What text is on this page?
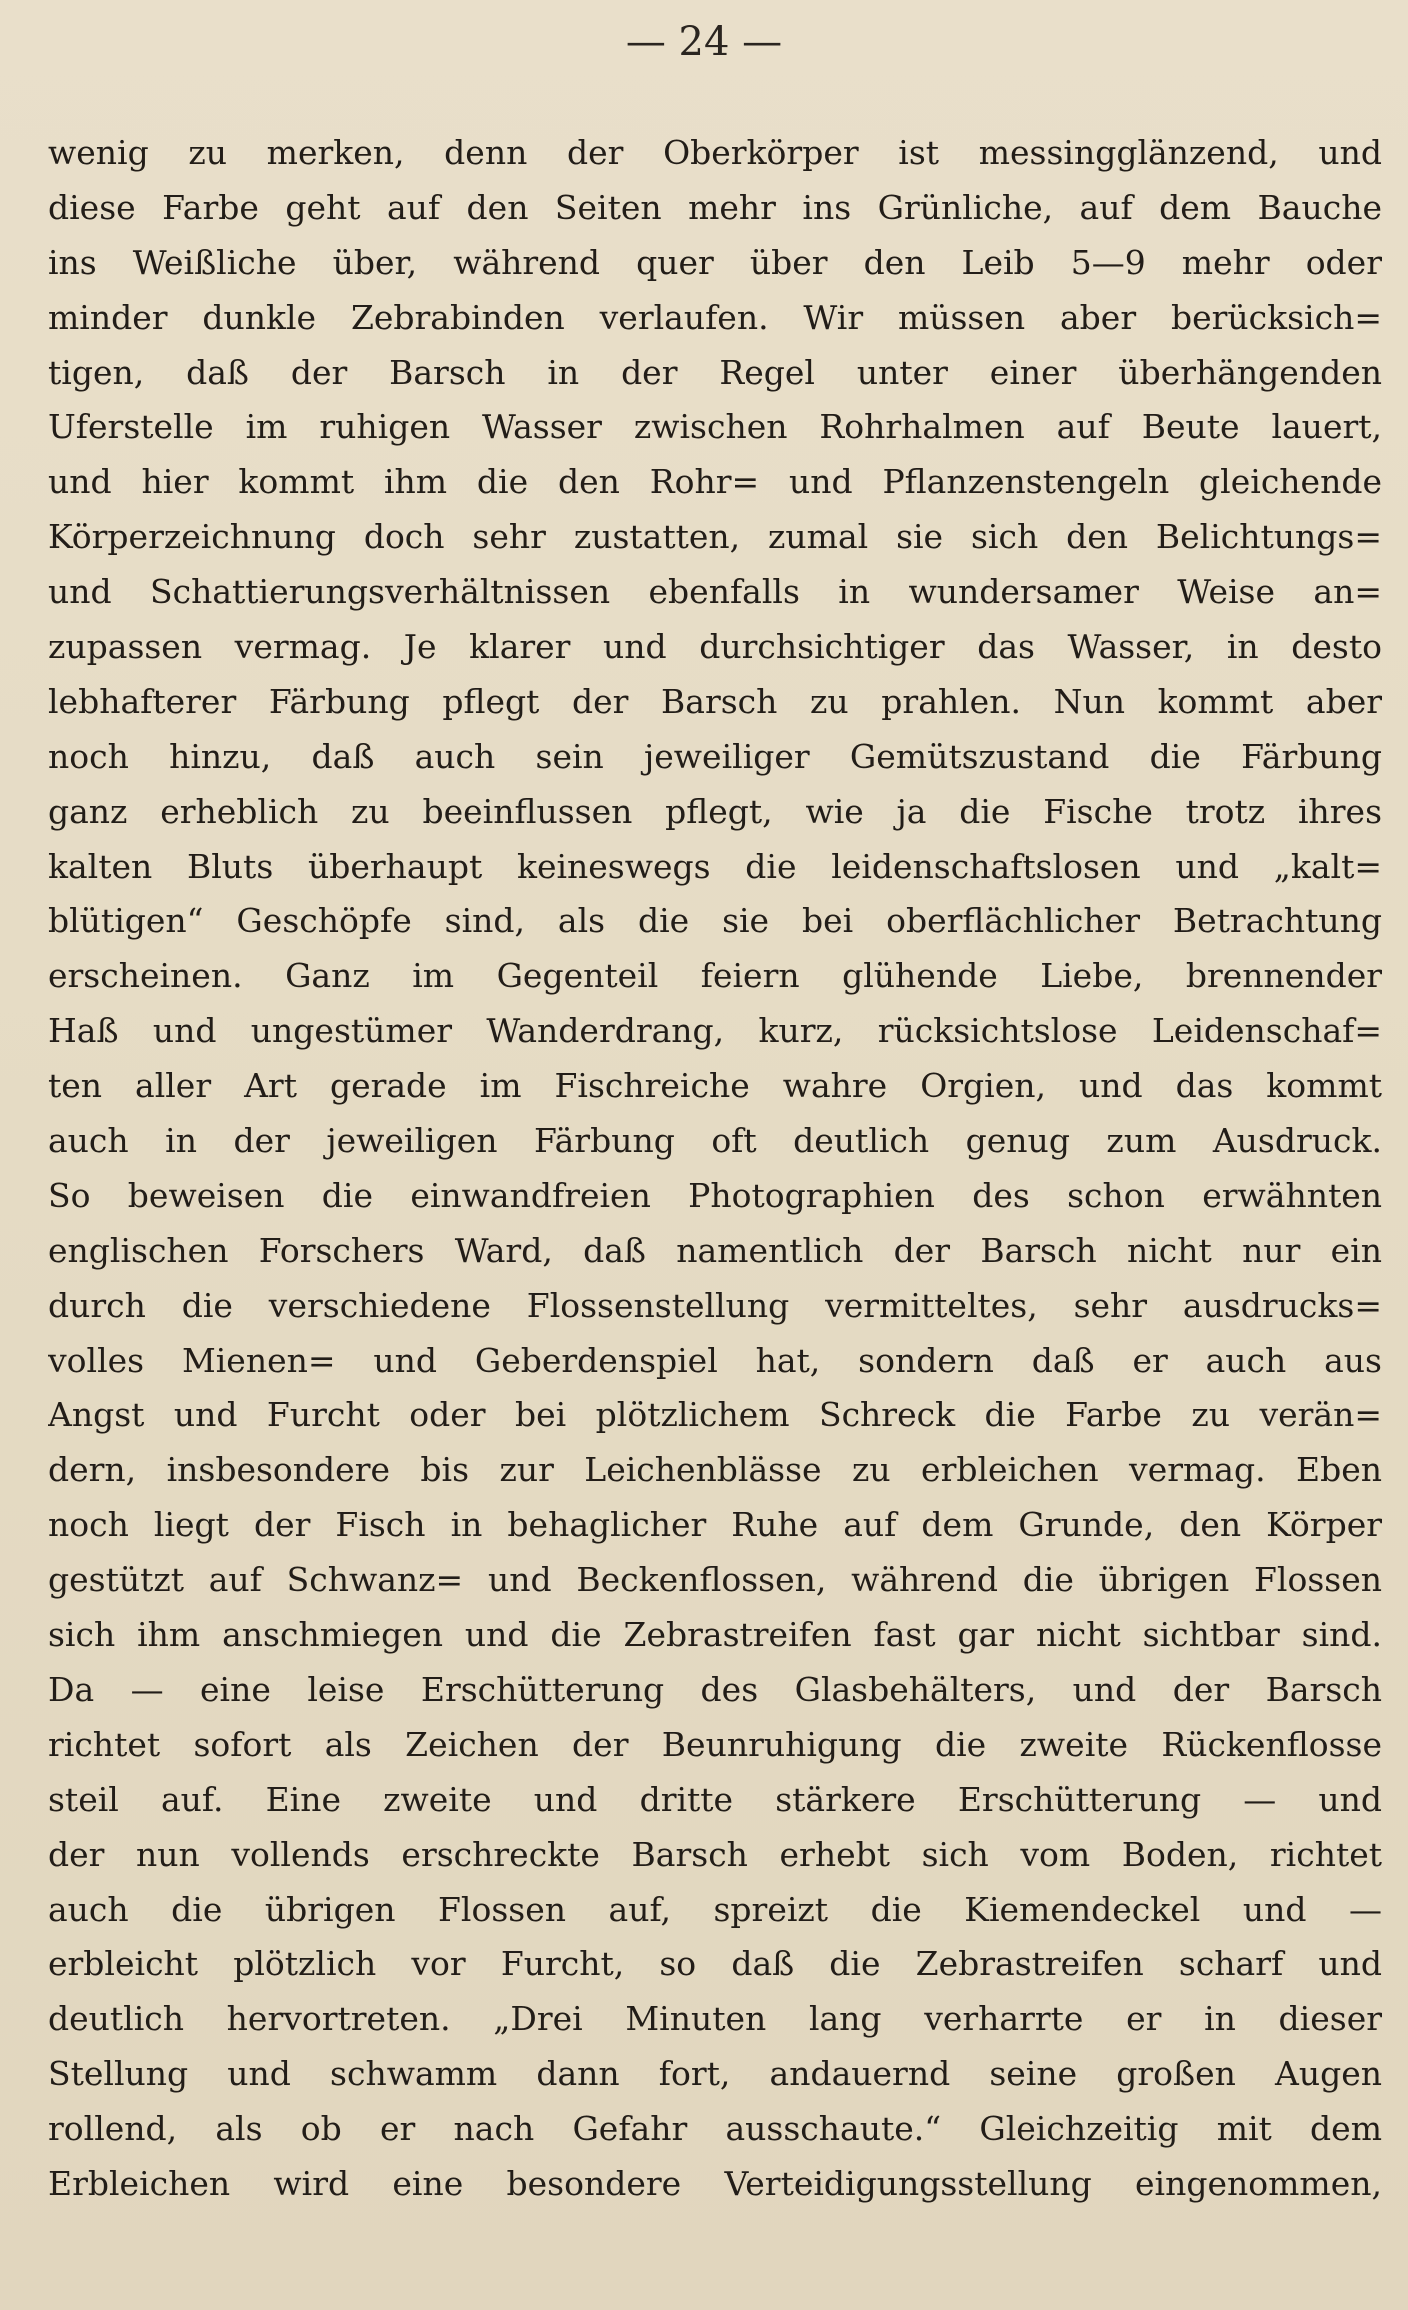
— 24 —
wenig zu merken, denn der Oberkörper ist messingglänzend, und
diese Farbe geht auf den Seiten mehr ins Grünliche, auf dem Bauche
ins Weißliche über, während quer über den Leib 5—9 mehr oder
minder dunkle Zebrabinden verlaufen. Wir müssen aber berücksich=
tigen, daß der Barsch in der Regel unter einer überhängenden
Uferstelle im ruhigen Wasser zwischen Rohrhalmen auf Beute lauert,
und hier kommt ihm die den Rohr= und Pflanzenstengeln gleichende
Körperzeichnung doch sehr zustatten, zumal sie sich den Belichtungs=
und Schattierungsverhältnissen ebenfalls in wundersamer Weise an=
zupassen vermag. Je klarer und durchsichtiger das Wasser, in desto
lebhafterer Färbung pflegt der Barsch zu prahlen. Nun kommt aber
noch hinzu, daß auch sein jeweiliger Gemütszustand die Färbung
ganz erheblich zu beeinflussen pflegt, wie ja die Fische trotz ihres
kalten Bluts überhaupt keineswegs die leidenschaftslosen und „kalt=
blütigen“ Geschöpfe sind, als die sie bei oberflächlicher Betrachtung
erscheinen. Ganz im Gegenteil feiern glühende Liebe, brennender
Haß und ungestümer Wanderdrang, kurz, rücksichtslose Leidenschaf=
ten aller Art gerade im Fischreiche wahre Orgien, und das kommt
auch in der jeweiligen Färbung oft deutlich genug zum Ausdruck.
So beweisen die einwandfreien Photographien des schon erwähnten
englischen Forschers Ward, daß namentlich der Barsch nicht nur ein
durch die verschiedene Flossenstellung vermitteltes, sehr ausdrucks=
volles Mienen= und Geberdenspiel hat, sondern daß er auch aus
Angst und Furcht oder bei plötzlichem Schreck die Farbe zu verän=
dern, insbesondere bis zur Leichenblässe zu erbleichen vermag. Eben
noch liegt der Fisch in behaglicher Ruhe auf dem Grunde, den Körper
gestützt auf Schwanz= und Beckenflossen, während die übrigen Flossen
sich ihm anschmiegen und die Zebrastreifen fast gar nicht sichtbar sind.
Da — eine leise Erschütterung des Glasbehälters, und der Barsch
richtet sofort als Zeichen der Beunruhigung die zweite Rückenflosse
steil auf. Eine zweite und dritte stärkere Erschütterung — und
der nun vollends erschreckte Barsch erhebt sich vom Boden, richtet
auch die übrigen Flossen auf, spreizt die Kiemendeckel und —
erbleicht plötzlich vor Furcht, so daß die Zebrastreifen scharf und
deutlich hervortreten. „Drei Minuten lang verharrte er in dieser
Stellung und schwamm dann fort, andauernd seine großen Augen
rollend, als ob er nach Gefahr ausschaute.“ Gleichzeitig mit dem
Erbleichen wird eine besondere Verteidigungsstellung eingenommen,
